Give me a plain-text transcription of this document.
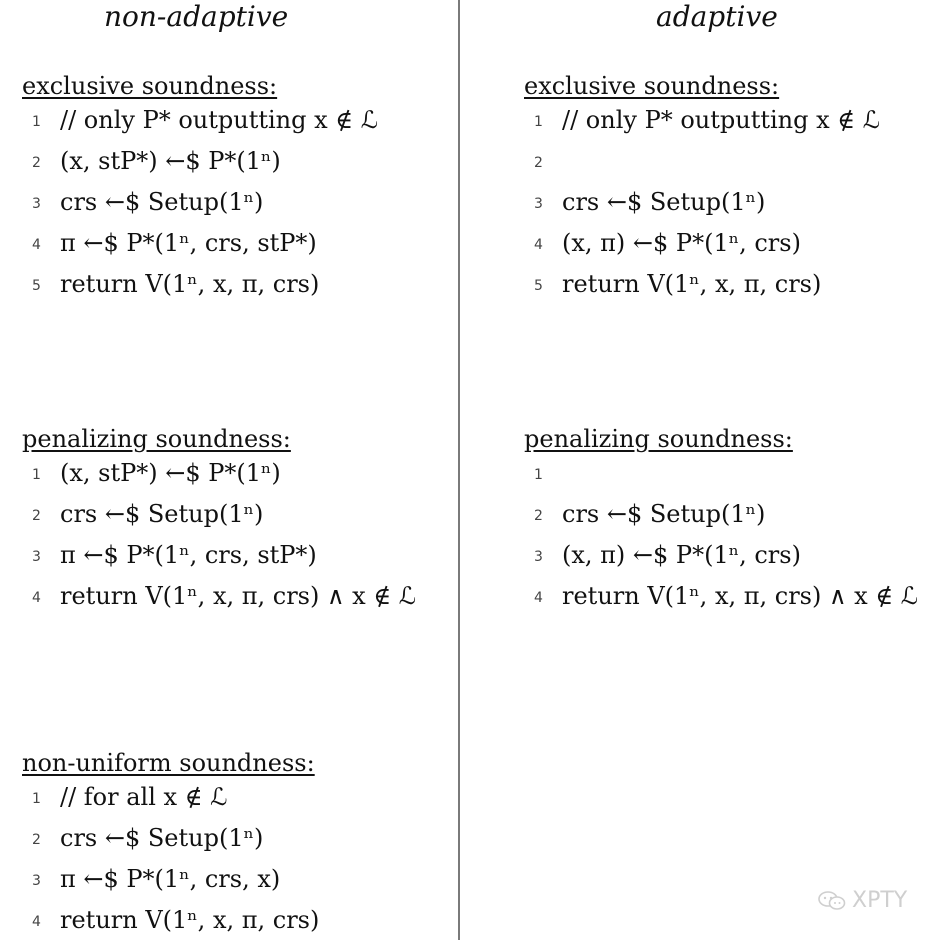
non-adaptive	adaptive
exclusive soundness:
1 // only P* outputting x ∉ ℒ
2 (x, stP*) ←$ P*(1ⁿ)
3 crs ←$ Setup(1ⁿ)
4 π ←$ P*(1ⁿ, crs, stP*)
5 return V(1ⁿ, x, π, crs)
exclusive soundness:
1 // only P* outputting x ∉ ℒ
2
3 crs ←$ Setup(1ⁿ)
4 (x, π) ←$ P*(1ⁿ, crs)
5 return V(1ⁿ, x, π, crs)
penalizing soundness:
1 (x, stP*) ←$ P*(1ⁿ)
2 crs ←$ Setup(1ⁿ)
3 π ←$ P*(1ⁿ, crs, stP*)
4 return V(1ⁿ, x, π, crs) ∧ x ∉ ℒ
penalizing soundness:
1
2 crs ←$ Setup(1ⁿ)
3 (x, π) ←$ P*(1ⁿ, crs)
4 return V(1ⁿ, x, π, crs) ∧ x ∉ ℒ
non-uniform soundness:
1 // for all x ∉ ℒ
2 crs ←$ Setup(1ⁿ)
3 π ←$ P*(1ⁿ, crs, x)
4 return V(1ⁿ, x, π, crs)
XPTY
